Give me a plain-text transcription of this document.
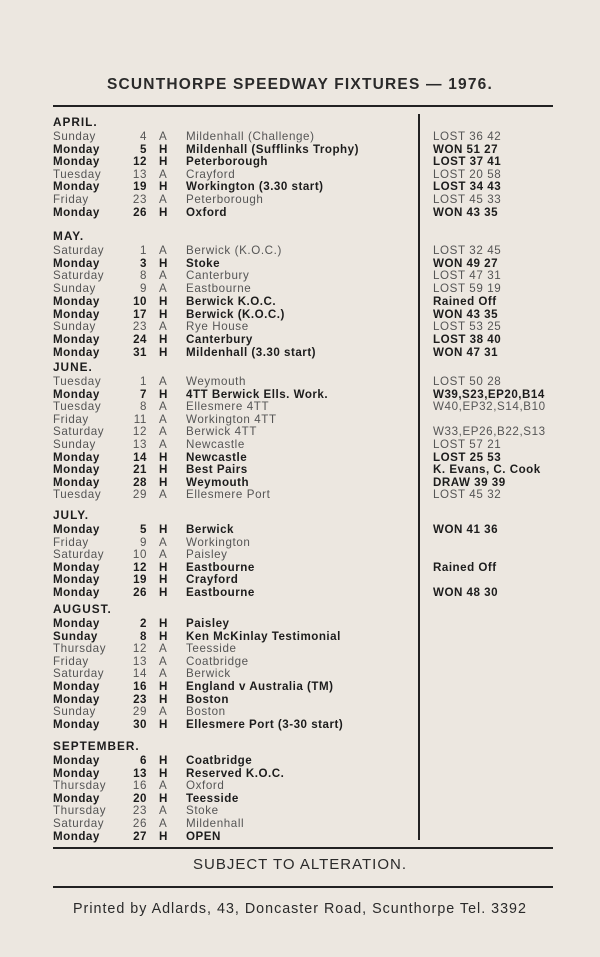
SCUNTHORPE SPEEDWAY FIXTURES — 1976.
APRIL.
Sunday	4 A	Mildenhall (Challenge)	LOST 36 42
Monday	5 H	Mildenhall (Sufflinks Trophy)	WON 51 27
Monday	12 H	Peterborough	LOST 37 41
Tuesday	13 A	Crayford	LOST 20 58
Monday	19 H	Workington (3.30 start)	LOST 34 43
Friday	23 A	Peterborough	LOST 45 33
Monday	26 H	Oxford	WON 43 35
MAY.
Saturday	1 A	Berwick (K.O.C.)	LOST 32 45
Monday	3 H	Stoke	WON 49 27
Saturday	8 A	Canterbury	LOST 47 31
Sunday	9 A	Eastbourne	LOST 59 19
Monday	10 H	Berwick K.O.C.	Rained Off
Monday	17 H	Berwick (K.O.C.)	WON 43 35
Sunday	23 A	Rye House	LOST 53 25
Monday	24 H	Canterbury	LOST 38 40
Monday	31 H	Mildenhall (3.30 start)	WON 47 31
JUNE.
Tuesday	1 A	Weymouth	LOST 50 28
Monday	7 H	4TT Berwick Ells. Work.	W39,S23,EP20,B14
Tuesday	8 A	Ellesmere 4TT	W40,EP32,S14,B10
Friday	11 A	Workington 4TT
Saturday	12 A	Berwick 4TT	W33,EP26,B22,S13
Sunday	13 A	Newcastle	LOST 57 21
Monday	14 H	Newcastle	LOST 25 53
Monday	21 H	Best Pairs	K. Evans, C. Cook
Monday	28 H	Weymouth	DRAW 39 39
Tuesday	29 A	Ellesmere Port	LOST 45 32
JULY.
Monday	5 H	Berwick	WON 41 36
Friday	9 A	Workington
Saturday	10 A	Paisley
Monday	12 H	Eastbourne	Rained Off
Monday	19 H	Crayford
Monday	26 H	Eastbourne	WON 48 30
AUGUST.
Monday	2 H	Paisley
Sunday	8 H	Ken McKinlay Testimonial
Thursday	12 A	Teesside
Friday	13 A	Coatbridge
Saturday	14 A	Berwick
Monday	16 H	England v Australia (TM)
Monday	23 H	Boston
Sunday	29 A	Boston
Monday	30 H	Ellesmere Port (3-30 start)
SEPTEMBER.
Monday	6 H	Coatbridge
Monday	13 H	Reserved K.O.C.
Thursday	16 A	Oxford
Monday	20 H	Teesside
Thursday	23 A	Stoke
Saturday	26 A	Mildenhall
Monday	27 H	OPEN
SUBJECT TO ALTERATION.
Printed by Adlards, 43, Doncaster Road, Scunthorpe Tel. 3392
